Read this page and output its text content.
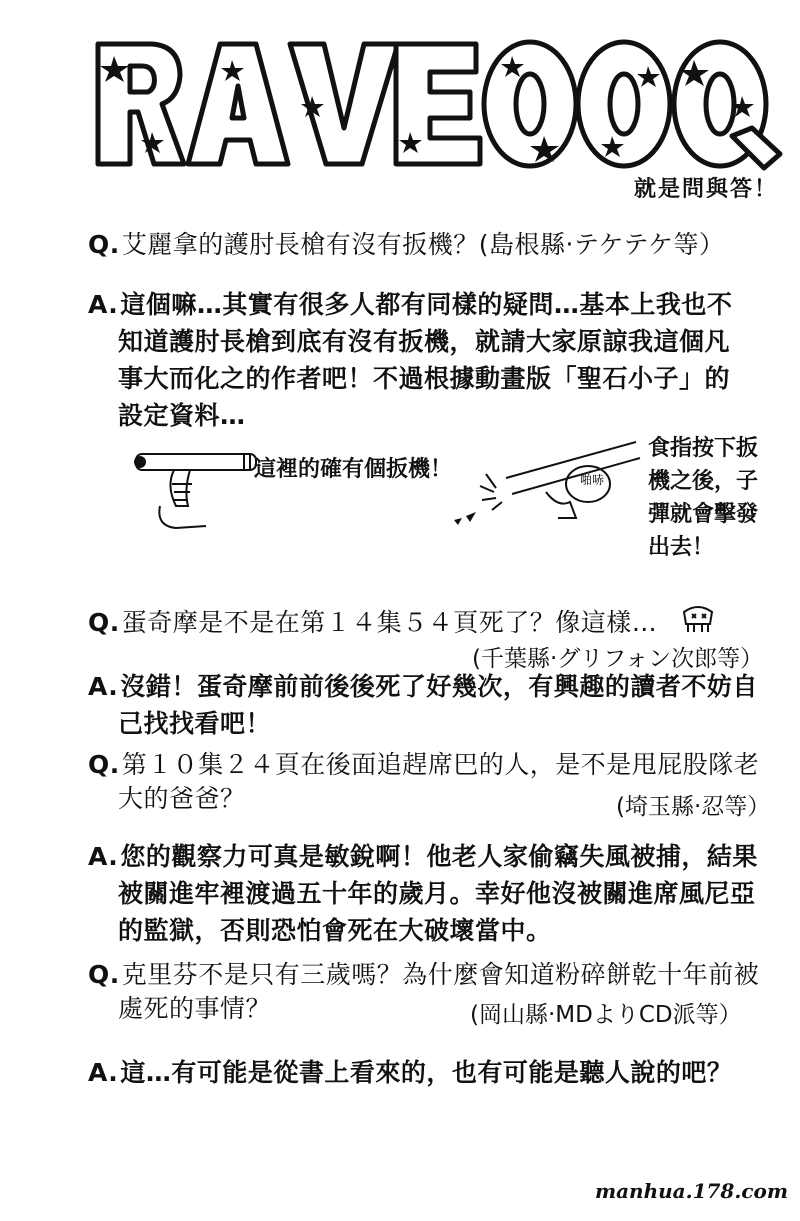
就是問與答！
Q.艾麗拿的護肘長槍有沒有扳機？(島根縣‧テケテケ等）
A.這個嘛…其實有很多人都有同樣的疑問…基本上我也不
知道護肘長槍到底有沒有扳機，就請大家原諒我這個凡
事大而化之的作者吧！不過根據動畫版「聖石小子」的
設定資料…
這裡的確有個扳機！	啪哧
食指按下扳
機之後，子
彈就會擊發
出去！
Q.蛋奇摩是不是在第１４集５４頁死了？像這樣…
(千葉縣‧グリフォン次郎等）
A.沒錯！蛋奇摩前前後後死了好幾次，有興趣的讀者不妨自
己找找看吧！
Q.第１０集２４頁在後面追趕席巴的人，是不是甩屁股隊老
大的爸爸？	(埼玉縣‧忍等）
A.您的觀察力可真是敏銳啊！他老人家偷竊失風被捕，結果
被關進牢裡渡過五十年的歲月。幸好他沒被關進席風尼亞
的監獄，否則恐怕會死在大破壞當中。
Q.克里芬不是只有三歲嗎？為什麼會知道粉碎餅乾十年前被
處死的事情？	(岡山縣‧MDよりCD派等）
A.這…有可能是從書上看來的，也有可能是聽人說的吧？
manhua.178.com
